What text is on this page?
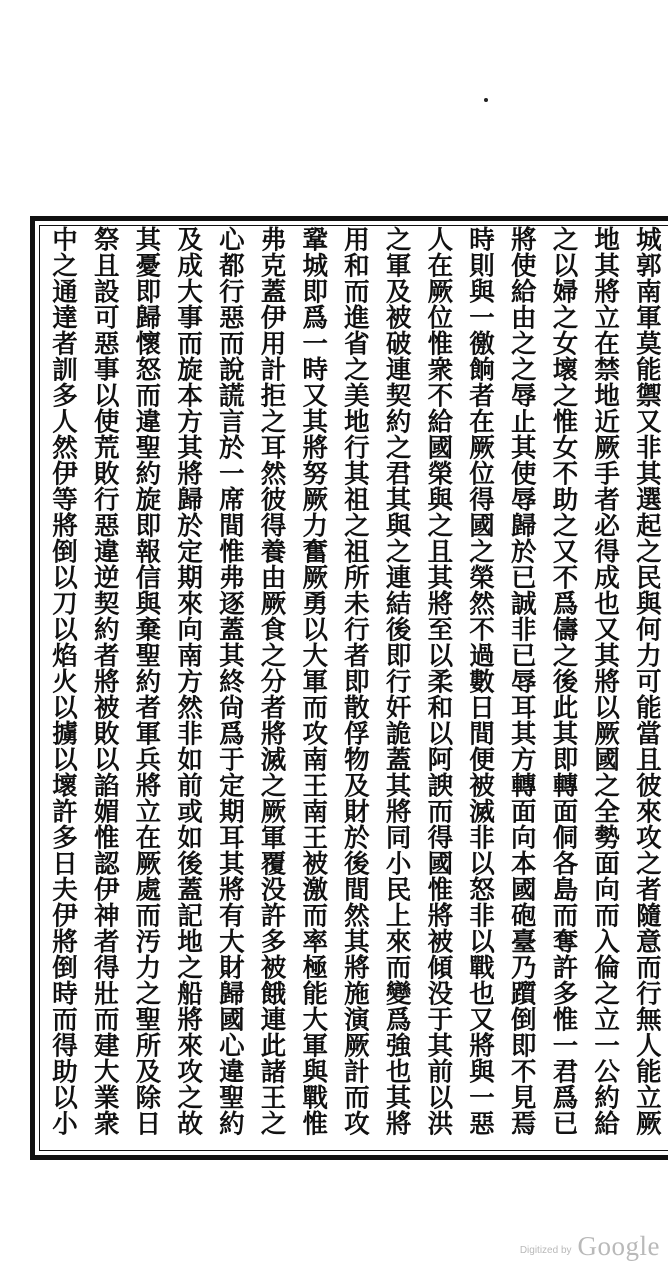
城郭南軍莫能禦又非其選起之民與何力可能當且彼來攻之者隨意而行無人能立厥
地其將立在禁地近厥手者必得成也又其將以厥國之全勢面向而入倫之立一公約給
之以婦之女壞之惟女不助之又不爲儔之後此其即轉面侗各島而奪許多惟一君爲已
將使給由之之辱止其使辱歸於已誠非已辱耳其方轉面向本國砲臺乃躓倒即不見焉
時則與一徼餉者在厥位得國之榮然不過數日間便被滅非以怒非以戰也又將與一惡
人在厥位惟衆不給國榮與之且其將至以柔和以阿諛而得國惟將被傾没于其前以洪
之軍及被破連契約之君其與之連結後即行奸詭蓋其將同小民上來而變爲強也其將
用和而進省之美地行其祖之祖所未行者即散俘物及財於後間然其將施演厥計而攻
鞏城即爲一時又其將努厥力奮厥勇以大軍而攻南王南王被激而率極能大軍與戰惟
弗克蓋伊用計拒之耳然彼得養由厥食之分者將滅之厥軍覆没許多被餓連此諸王之
心都行惡而說謊言於一席間惟弗逐蓋其終尙爲于定期耳其將有大財歸國心違聖約
及成大事而旋本方其將歸於定期來向南方然非如前或如後蓋記地之船將來攻之故
其憂即歸懷怒而違聖約旋即報信與棄聖約者軍兵將立在厥處而汚力之聖所及除日
祭且設可惡事以使荒敗行惡違逆契約者將被敗以諂媚惟認伊神者得壯而建大業衆
中之通達者訓多人然伊等將倒以刀以焰火以擄以壞許多日夫伊將倒時而得助以小
Digitized by Google
